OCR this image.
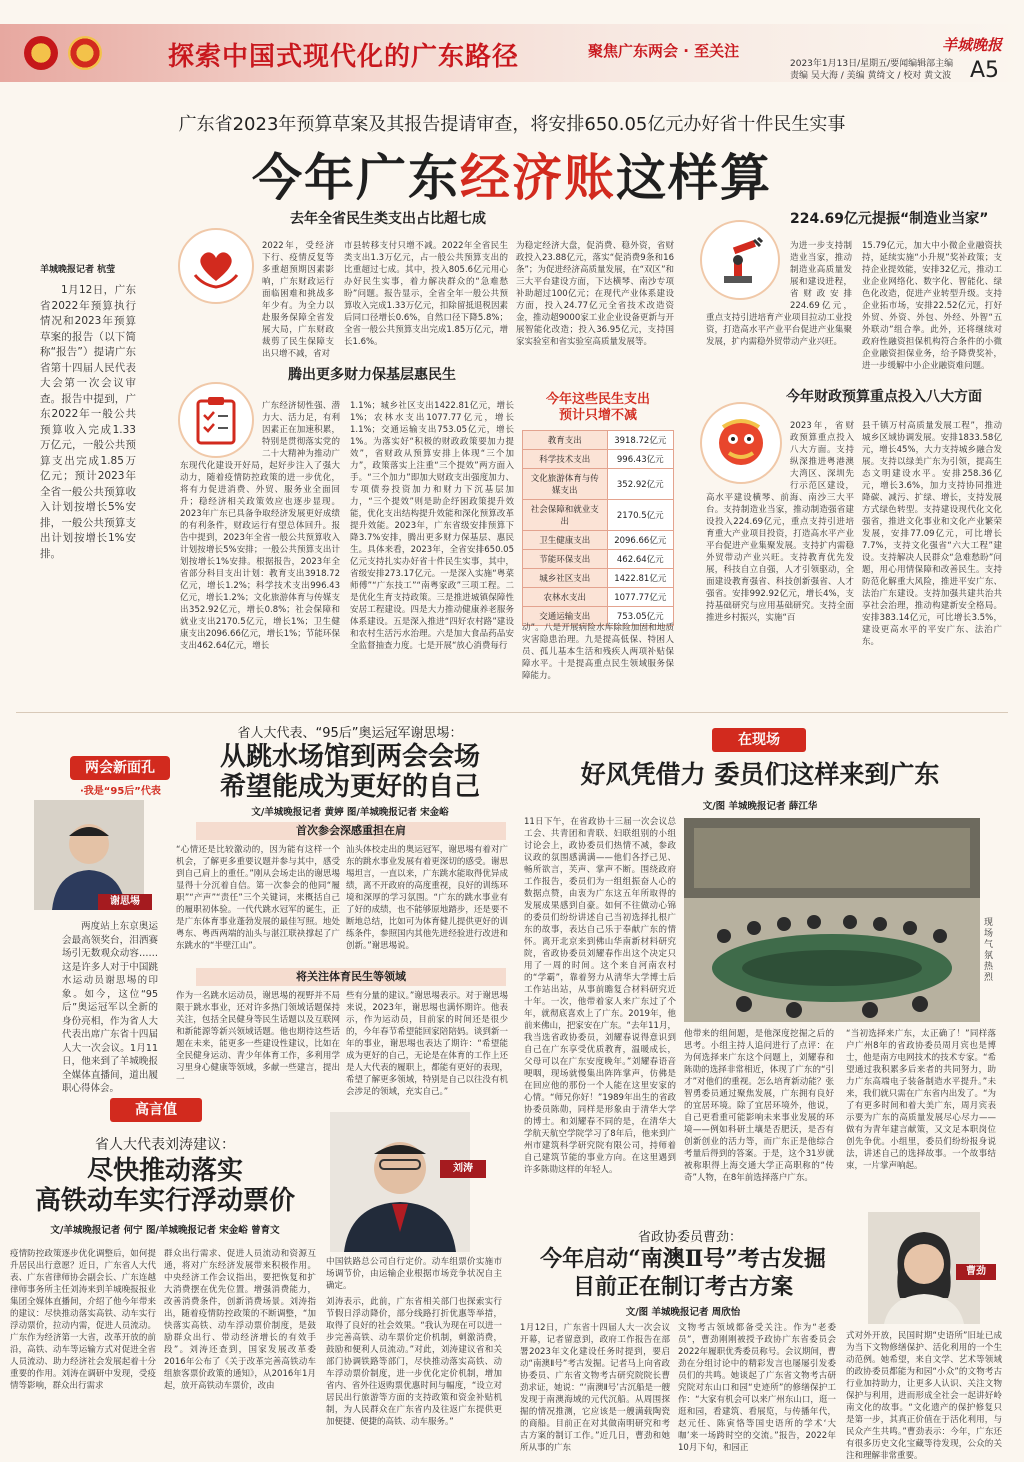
探索中国式现代化的广东路径	聚焦广东两会 · 至关注	羊城晚报
2023年1月13日/星期五/要闻编辑部主编
责编 吴大海 / 美编 黄绮文 / 校对 黄文波 A5
广东省2023年预算草案及其报告提请审查，将安排650.05亿元办好省十件民生实事
今年广东经济账这样算
羊城晚报记者 杭莹
1月12日，广东省2022年预算执行情况和2023年预算草案的报告（以下简称“报告”）提请广东省第十四届人民代表大会第一次会议审查。报告中提到，广东2022年一般公共预算收入完成1.33万亿元，一般公共预算支出完成1.85万亿元；预计2023年全省一般公共预算收入计划按增长5%安排，一般公共预算支出计划按增长1%安排。
去年全省民生类支出占比超七成
2022年，受经济下行、疫情反复等多重超预期因素影响，广东财政运行面临困难和挑战多年少有。为全力以赴服务保障全省发展大局，广东财政裁剪了民生保障支出只增不减，省对
市县转移支付只增不减。2022年全省民生类支出1.3万亿元，占一般公共预算支出的比重超过七成。其中，投入805.6亿元用心办好民生实事，着力解决群众的“急难愁盼”问题。报告显示，全省全年一般公共预算收入完成1.33万亿元，扣除留抵退税因素后同口径增长0.6%，自然口径下降5.8%；全省一般公共预算支出完成1.85万亿元，增长1.6%。
为稳定经济大盘，促消费、稳外资，省财政投入23.88亿元，落实“促消费9条和16条”；为促进经济高质量发展，在“双区”和三大平台建设方面，下达横琴、南沙专项补助超过100亿元；在现代产业体系建设方面，投入24.77亿元全省技术改造资金，推动超9000家工业企业设备更新与开展智能化改造；投入36.95亿元，支持国家实验室和省实验室高质量发展等。
腾出更多财力保基层惠民生
广东经济韧性强、潜力大、活力足，有利因素正在加速积累，特别是贯彻落实党的二十大精神为推动广东现代化建设开好局，起好步注入了强大动力，随着疫情防控政策的进一步优化，将有力促进消费、外贸、服务业全面回升；稳经济相关政策效应也逐步显现。2023年广东已具备争取经济发展更好成绩的有利条件，财政运行有望总体回升。报告中提到，2023年全省一般公共预算收入计划按增长5%安排；一般公共预算支出计划按增长1%安排。根据报告，2023年全省部分科目支出计划：教育支出3918.72亿元，增长1.2%；科学技术支出996.43亿元，增长1.2%；文化旅游体育与传媒支出352.92亿元，增长0.8%；社会保障和就业支出2170.5亿元，增长1%；卫生健康支出2096.66亿元，增长1%；节能环保支出462.64亿元，增长
1.1%；城乡社区支出1422.81亿元，增长1%；农林水支出1077.77亿元，增长1.1%；交通运输支出753.05亿元，增长1%。为落实好“积极的财政政策要加力提效”，省财政从预算安排上体现“三个加力”，政策落实上注重“三个提效”两方面入手。“三个加力”即加大财政支出强度加力、专项债券投资加力和财力下沉基层加力，“三个提效”则是助企纾困政策提升效能，优化支出结构提升效能和深化预算改革提升效能。2023年，广东省级安排预算下降3.7%安排，腾出更多财力保基层、惠民生。具体来看，2023年，全省安排650.05亿元支持扎实办好省十件民生实事，其中，省级安排273.17亿元。一是深入实施“粤菜师傅”“广东技工”“南粤家政”三项工程。二是优化生育支持政策。三是推进城镇保障性安居工程建设。四是大力推动健康养老服务体系建设。五是深入推进“四好农村路”建设和农村生活污水治理。六是加大食品药品安全监督抽查力度。七是开展“放心消费每行
今年这些民生支出
预计只增不减
教育支出	3918.72亿元
科学技术支出	996.43亿元
文化旅游体育与传媒支出	352.92亿元
社会保障和就业支出	2170.5亿元
卫生健康支出	2096.66亿元
节能环保支出	462.64亿元
城乡社区支出	1422.81亿元
农林水支出	1077.77亿元
交通运输支出	753.05亿元
动”。八是开展病险水库除险加固和地质灾害隐患治理。九是提高低保、特困人员、孤儿基本生活和残疾人两项补贴保障水平。十是提高重点民生领域服务保障能力。
224.69亿元提振“制造业当家”
为进一步支持制造业当家，推动制造业高质量发展和建设进程，省财政安排224.69亿元，重点支持引进培育产业项目拉动工业投资，打造高水平产业平台促进产业集聚发展，扩内需稳外贸带动产业兴旺。
15.79亿元，加大中小微企业融资扶持，延续实施“小升规”奖补政策；支持企业提效能，安排32亿元，推动工业企业网络化、数字化、智能化、绿色化改造，促进产业转型升级。支持企业拓市场，安排22.52亿元，打好外贸、外资、外包、外经、外智“五外联动”组合拳。此外，还将继续对政府性融资担保机构符合条件的小微企业融资担保业务，给予降费奖补，进一步缓解中小企业融资难问题。
今年财政预算重点投入八大方面
2023年，省财政预算重点投入八大方面。支持纵深推进粤港澳大湾区、深圳先行示范区建设，高水平建设横琴、前海、南沙三大平台。支持制造业当家，推动制造强省建设投入224.69亿元，重点支持引进培育重大产业项目投资，打造高水平产业平台促进产业集聚发展。支持扩内需稳外贸带动产业兴旺。支持教育优先发展，科技自立自强，人才引领驱动，全面建设教育强省、科技创新强省、人才强省。安排992.92亿元，增长4%，支持基础研究与应用基础研究。支持全面推进乡村振兴，实施“百
县千镇万村高质量发展工程”，推动城乡区域协调发展。安排1833.58亿元，增长45%，大力支持城乡融合发展。支持以绿美广东为引领，提高生态文明建设水平。安排258.36亿元，增长3.6%，加力支持协同推进降碳、减污、扩绿、增长，支持发展方式绿色转型。支持建设现代化文化强省，推进文化事业和文化产业繁荣发展，安排77.09亿元，可比增长7.7%，支持文化强省“六大工程”建设。支持解决人民群众“急难愁盼”问题，用心用情保障和改善民生。支持防范化解重大风险，推进平安广东、法治广东建设。支持加强共建共治共享社会治理，推动构建新安全格局。安排383.14亿元，可比增长3.5%，建设更高水平的平安广东、法治广东。
两会新面孔
·我是“95后”代表
省人大代表、“95后”奥运冠军谢思埸：
从跳水场馆到两会会场
希望能成为更好的自己
文/羊城晚报记者 黄婷 图/羊城晚报记者 宋金峪
谢思埸
两度站上东京奥运会最高领奖台，泪洒赛场引无数观众动容……这是许多人对于中国跳水运动员谢思埸的印象。如今，这位“95后”奥运冠军以全新的身份亮相，作为省人大代表出席广东省十四届人大一次会议。1月11日，他来到了羊城晚报全媒体直播间，道出履职心得体会。
首次参会深感重担在肩
“心情还是比较激动的，因为能有这样一个机会，了解更多重要议题并参与其中，感受到自己肩上的重任。”刚从会场走出的谢思埸显得十分沉着自信。第一次参会的他同“履职”“产声”“责任”三个关键词，来概括自己的履职初体验。一代代跳水冠军的诞生，正是广东体育事业蓬勃发展的最佳写照。地处粤东、粤西两端的汕头与湛江联袂撑起了广东跳水的“半壁江山”。
汕头体校走出的奥运冠军，谢思埸有着对广东的跳水事业发展有着更深切的感受。谢思埸坦言，一直以来，广东跳水能取得优异成绩，离不开政府的高度重视，良好的训练环境和深厚的学习氛围。“广东的跳水事业有了好的成绩，也不能够原地踏步，还是要不断地总结，比如可为体育健儿提供更好的训练条件，参照国内其他先进经验进行改进和创新。”谢思埸说。
将关注体育民生等领域
作为一名跳水运动员，谢思埸的视野并不局限于跳水事业，还对许多热门领域话题保持关注，包括全民健身等民生话题以及互联网和新能源等新兴领域话题。他也期待这些话题在未来，能更多一些建设性建议，比如在全民健身运动、青少年体育工作，多利用学习里身心健康等领域，多献一些建言，提出一
些有分量的建议。”谢思埸表示。对于谢思埸来说，2023年，谢思埸也满怀期许。他表示，作为运动员，目前家的时间还是很少的，今年春节希望能回家陪陪妈。谈到新一年的事业，谢思埸也表达了期许：“希望能成为更好的自己，无论是在体育的工作上还是人大代表的履职上，都能有更好的表现，希望了解更多领域，特别是自己以往没有机会涉足的领域，充实自己。”
在现场
好风凭借力 委员们这样来到广东
文/图 羊城晚报记者 薛江华
11日下午，在省政协十三届一次会议总工会、共青团和青联、妇联组别的小组讨论会上，政协委员们热情不减，参政议政的氛围感满满——他们各抒己见、畅所欲言，芙声、掌声不断。围绕政府工作报告，委员们为一组组振奋人心的数据点赞，由衷为广东这五年所取得的发展成果感到自豪。如何不往做动心锦的委员们纷纷讲述自己当初选择扎根广东的故事，表达自己乐于奉献广东的情怀。离开北京来到佛山华南新材料研究院，省政协委员刘耀春作出这个决定只用了一周的时间。这个来自河南农村的“学霸”，靠着努力从清华大学博士后工作站出站，从事前瞻复合材料研究近十年。一次，他带着家人来广东过了个年，就彻底喜欢上了广东。2019年，他前来佛山，把家安在广东。“去年11月，我当选省政协委员，刘耀春说得意识到自己在广东享受优质教育，温暖成长，父母可以在广东安度晚年。”刘耀春语音哽咽，现场就慢集出阵阵掌声，仿佛是在回应他的那份一个人能在这里安家的心情。“师兄你好！”1989年出生的省政协委员陈勋，同样是形象由于清华大学的博士。和刘耀春不同的是，在清华大学航天航空学院学习了8年后，他来到广州市建筑科学研究院有限公司，持师着自己建筑节能的事业方向。在这里遇到许多陈勋这样的年轻人。
现场气氛热烈
他带来的组间题，是他深度挖掘之后的思考。小组主持人追问进行了点评：在为何选择来广东这个问题上，刘耀春和陈勋的选择非常相近，体现了广东的“引才”对他们的重视。怎么培育新动能？张智勇委员通过聚焦发展，广东拥有良好的宜居环境。除了宜居环境外，他说，自己更看重可能影响未来事业发展的环境——例如科研土壤是否肥沃，是否有创新创业的活力等，而广东正是他综合考量后得到的答案。于是，这个31岁就被称职得上海交通大学正高职称的“传奇”人物，在8年前选择落户广东。
“当初选择来广东，太正确了！”同样落户广州8年的省政协委员周月宾也是博士，他是南方电网技术的技术专家。“希望通过我积累多后来者的共同努力，助力广东高端电子装备制造水平提升。”未来，我们就只需在广东省内出发了。“为了有更多时间和着大美广东，周月宾表示要为广东的高质量发展尽心尽力——做有为青年建言献策，又文足本职岗位创先争优。小组里，委员们纷纷报身说法，讲述自己的选择故事。一个故事结束，一片掌声响起。
高言值
省人大代表刘涛建议：
尽快推动落实
高铁动车实行浮动票价
文/羊城晚报记者 何宁 图/羊城晚报记者 宋金峪 曾育文
刘涛
疫情防控政策逐步优化调整后，如何提升居民出行意愿？近日，广东省人大代表、广东省律师协会副会长、广东连越律师事务所主任刘涛来到羊城晚报报业集团全媒体直播间，介绍了他今年带来的建议：尽快推动落实高铁、动车实行浮动票价，拉动内需，促进人员流动。广东作为经济第一大省，改革开放的前沿，高铁、动车等运输方式对促进全省人员流动、助力经济社会发展起着十分重要的作用。刘涛在调研中发现，受疫情等影响，群众出行需求
群众出行需求、促进人员流动和资源互通，将对广东经济发展带来积极作用。中央经济工作会议指出，要把恢复和扩大消费摆在优先位置。增强消费能力，改善消费条件，创新消费场景。刘涛指出，随着疫情防控政策的不断调整，“加快落实高铁、动车浮动票价制度，是鼓励群众出行、带动经济增长的有效手段”。刘涛还查到，国家发展改革委2016年公布了《关于改革完善高铁动车组旅客票价政策的通知》，从2016年1月起，放开高铁动车票价，改由
中国铁路总公司自行定价。动车组票价实施市场调节价，由运输企业根据市场竞争状况自主确定。
刘涛表示，此前，广东省相关部门也探索实行节假日浮动降价，部分线路打折优惠等举措，取得了良好的社会效果。“我认为现在可以进一步完善高铁、动车票价定价机制，刺激消费，鼓励和便利人员流动。”对此，刘涛建议省和关部门协调铁路等部门，尽快推动落实高铁、动车浮动票价制度，进一步优化定价机制，增加省内、省外往返购票优惠时间与幅度，“设立对居民出行旅游等方面的支持政策和资金补贴机制，为人民群众在广东省内及往返广东提供更加便捷、便捷的高铁、动车服务。”
省政协委员曹劲：
今年启动“南澳Ⅱ号”考古发掘
目前正在制订考古方案
文/图 羊城晚报记者 周欣怡
曹劲
1月12日，广东省十四届人大一次会议开幕，记者留意到，政府工作报告在部署2023年文化建设任务时提到，要启动“南澳Ⅱ号”考古发掘。记者马上向省政协委员、广东省文物考古研究院院长曹劲求证，她说：“‘南澳Ⅱ号’古沉船是一艘发现于南澳海域的元代沉船。从周围探掘的情况推测，它应该是一艘满载陶瓷的商船。目前正在对其做南明研究和考古方案的制订工作。”近几日，曹劲和她所从事的广东
文物考古领域都备受关注。作为“老委员”，曹劲刚刚被授予政协广东省委员会2022年履职优秀委员称号。会议期间，曹劲在分组讨论中的精彩发言也屡屡引发委员们的共鸣。她谈起了广东省文物考古研究院对东山口和园“史迹所”的修缮保护工作：“大家有机会可以来广州东山口，逛一逛和园，看建筑、看展览，与传播年代，赵元任、陈寅恪等国史语所的学术‘大咖’来一场跨时空的交流。”报告，2022年10月下旬，和园正
式对外开放，民国时期“史语所”旧址已成为当下文物修缮保护、活化利用的一个生动范例。她希望，来自文学、艺术等领域的政协委员都能为和园“小众”的文物考古行业加持助力，让更多人认识、关注文物保护与利用，进而形成全社会一起讲好岭南文化的故事。“文化遗产的保护修复只是第一步，其真正价值在于活化利用，与民众产生共鸣。”曹劲表示：今年，广东还有很多历史文化宝藏等待发现，公众的关注和理解非常重要。
